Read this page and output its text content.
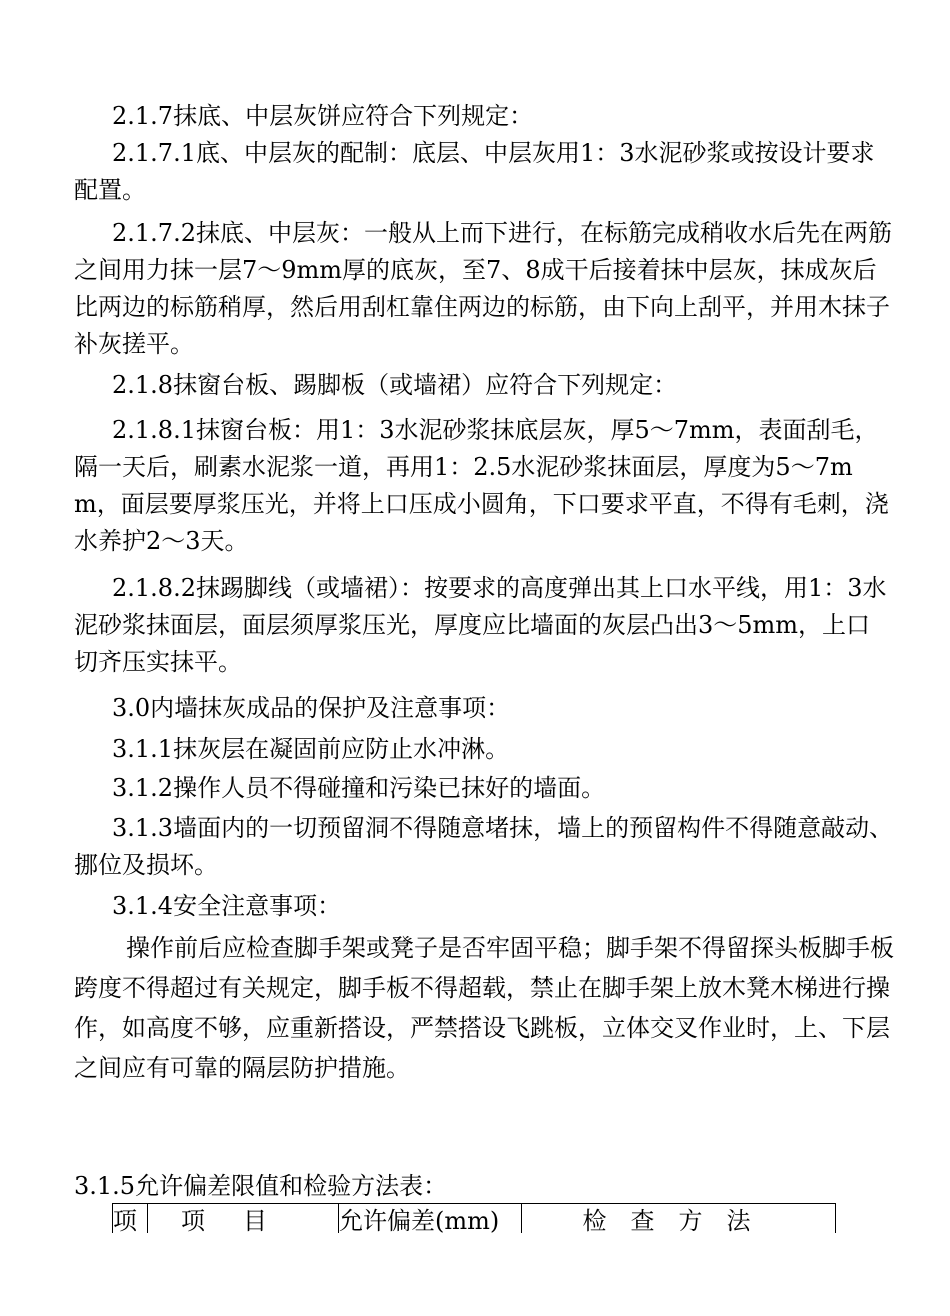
2.1.7抹底、中层灰饼应符合下列规定：

2.1.7.1底、中层灰的配制：底层、中层灰用1：3水泥砂浆或按设计要求配置。

2.1.7.2抹底、中层灰：一般从上而下进行，在标筋完成稍收水后先在两筋之间用力抹一层7～9mm厚的底灰，至7、8成干后接着抹中层灰，抹成灰后比两边的标筋稍厚，然后用刮杠靠住两边的标筋，由下向上刮平，并用木抹子补灰搓平。

2.1.8抹窗台板、踢脚板（或墙裙）应符合下列规定：

2.1.8.1抹窗台板：用1：3水泥砂浆抹底层灰，厚5～7mm，表面刮毛，隔一天后，刷素水泥浆一道，再用1：2.5水泥砂浆抹面层，厚度为5～7mm，面层要厚浆压光，并将上口压成小圆角，下口要求平直，不得有毛刺，浇水养护2～3天。

2.1.8.2抹踢脚线（或墙裙）：按要求的高度弹出其上口水平线，用1：3水泥砂浆抹面层，面层须厚浆压光，厚度应比墙面的灰层凸出3～5mm，上口切齐压实抹平。

3.0内墙抹灰成品的保护及注意事项：

3.1.1抹灰层在凝固前应防止水冲淋。

3.1.2操作人员不得碰撞和污染已抹好的墙面。

3.1.3墙面内的一切预留洞不得随意堵抹，墙上的预留构件不得随意敲动、挪位及损坏。

3.1.4安全注意事项：

操作前后应检查脚手架或凳子是否牢固平稳；脚手架不得留探头板脚手板跨度不得超过有关规定，脚手板不得超载，禁止在脚手架上放木凳木梯进行操作，如高度不够，应重新搭设，严禁搭设飞跳板，立体交叉作业时，上、下层之间应有可靠的隔层防护措施。

3.1.5允许偏差限值和检验方法表：

项	项目	允许偏差(mm)	检查方法
